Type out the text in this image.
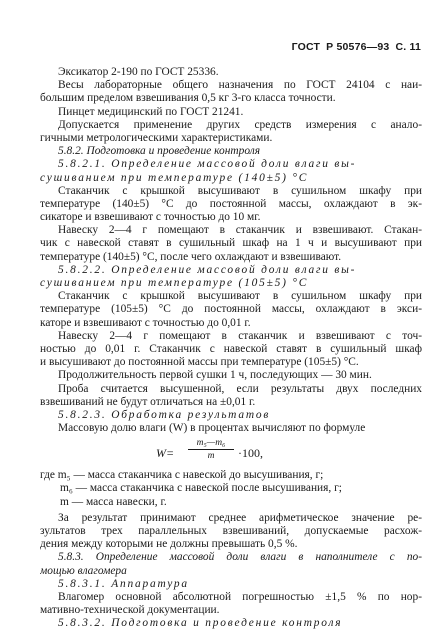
ГОСТ Р 50576—93 С. 11
Эксикатор 2-190 по ГОСТ 25336.
Весы лабораторные общего назначения по ГОСТ 24104 с наи-
большим пределом взвешивания 0,5 кг 3-го класса точности.
Пинцет медицинский по ГОСТ 21241.
Допускается применение других средств измерения с анало-
гичными метрологическими характеристиками.
5.8.2. Подготовка и проведение контроля
5.8.2.1. Определение массовой доли влаги вы-
сушиванием при температуре (140±5) °С
Стаканчик с крышкой высушивают в сушильном шкафу при
температуре (140±5) °С до постоянной массы, охлаждают в эк-
сикаторе и взвешивают с точностью до 10 мг.
Навеску 2—4 г помещают в стаканчик и взвешивают. Стакан-
чик с навеской ставят в сушильный шкаф на 1 ч и высушивают при
температуре (140±5) °С, после чего охлаждают и взвешивают.
5.8.2.2. Определение массовой доли влаги вы-
сушиванием при температуре (105±5) °С
Стаканчик с крышкой высушивают в сушильном шкафу при
температуре (105±5) °С до постоянной массы, охлаждают в экси-
каторе и взвешивают с точностью до 0,01 г.
Навеску 2—4 г помещают в стаканчик и взвешивают с точ-
ностью до 0,01 г. Стаканчик с навеской ставят в сушильный шкаф
и высушивают до постоянной массы при температуре (105±5) °С.
Продолжительность первой сушки 1 ч, последующих — 30 мин.
Проба считается высушенной, если результаты двух последних
взвешиваний не будут отличаться на ±0,01 г.
5.8.2.3. Обработка результатов
Массовую долю влаги (W) в процентах вычисляют по формуле
$W= \frac{\text{m₅—m₆}}{m} \cdot 100$,
где m₅ — масса стаканчика с навеской до высушивания, г;
m₆ — масса стаканчика с навеской после высушивания, г;
m — масса навески, г.
За результат принимают среднее арифметическое значение ре-
зультатов трех параллельных взвешиваний, допускаемые расхож-
дения между которыми не должны превышать 0,5 %.
5.8.3. Определение массовой доли влаги в наполнителе с по-
мощью влагомера
5.8.3.1. Аппаратура
Влагомер основной абсолютной погрешностью ±1,5 % по нор-
мативно-технической документации.
5.8.3.2. Подготовка и проведение контроля
